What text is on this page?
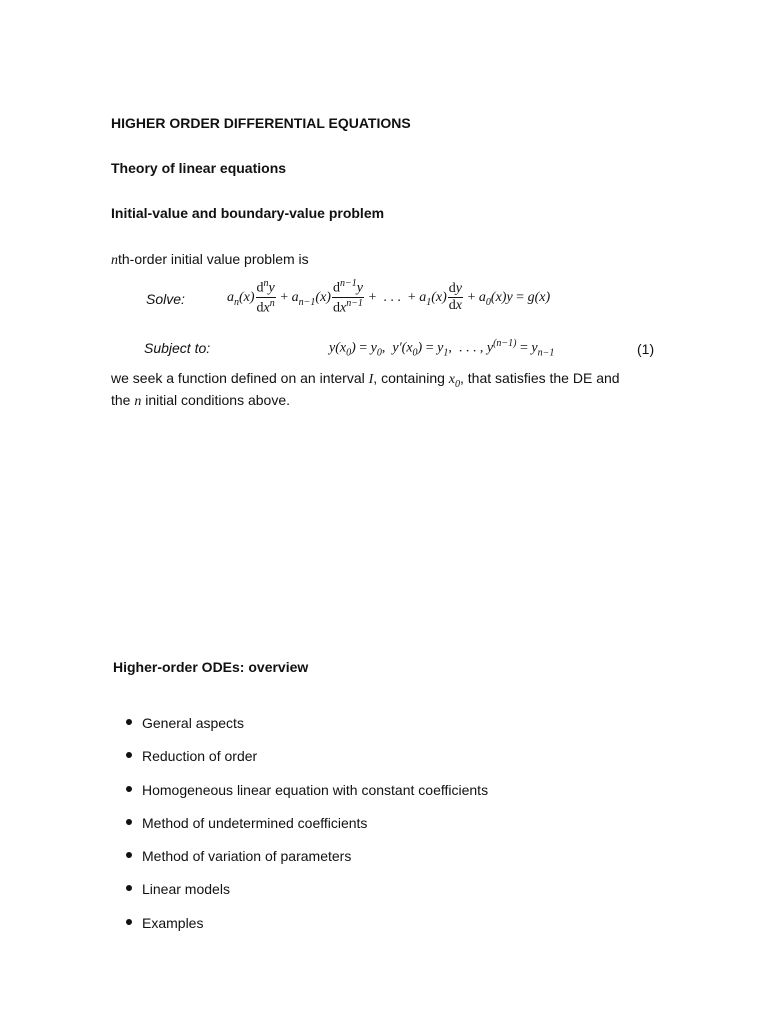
HIGHER ORDER DIFFERENTIAL EQUATIONS
Theory of linear equations
Initial-value and boundary-value problem
nth-order initial value problem is
Solve:	$a_n(x) \frac{d^ny}{dx^n} + a_{n-1}(x) \frac{d^{n-1}y}{dx^{n-1}}$ +  . . .  + $a_1(x) \frac{dy}{dx} + a_0(x)y = g(x)$
Subject to:	$y(x_0) = y_0$,  $y'(x_0) = y_1$,  . . . , $y^{(n-1)} = y_{n-1}$	(1)
we seek a function defined on an interval I, containing $x_0$, that satisfies the DE and
the n initial conditions above.
Higher-order ODEs: overview
General aspects
Reduction of order
Homogeneous linear equation with constant coefficients
Method of undetermined coefficients
Method of variation of parameters
Linear models
Examples
